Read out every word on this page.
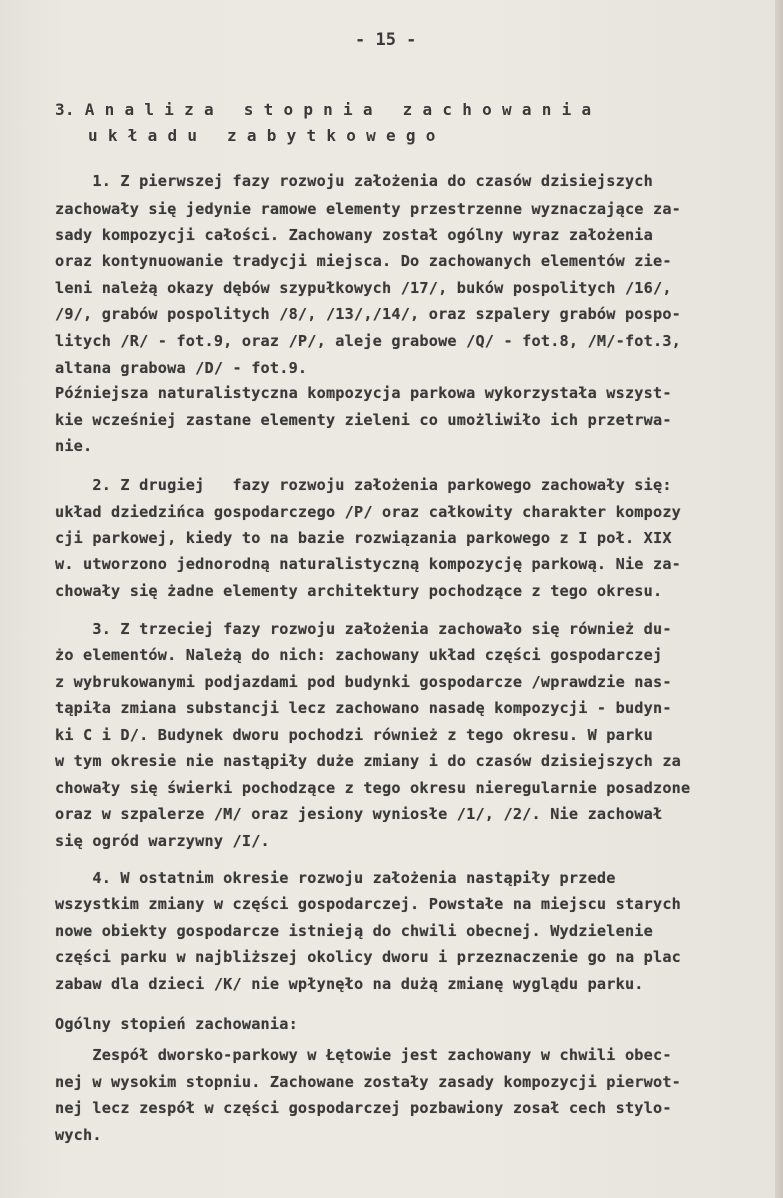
- 15 -
3. A n a l i z a   s t o p n i a   z a c h o w a n i a
u k ł a d u   z a b y t k o w e g o
1. Z pierwszej fazy rozwoju założenia do czasów dzisiejszych
zachowały się jedynie ramowe elementy przestrzenne wyznaczające za-
sady kompozycji całości. Zachowany został ogólny wyraz założenia
oraz kontynuowanie tradycji miejsca. Do zachowanych elementów zie-
leni należą okazy dębów szypułkowych /17/, buków pospolitych /16/,
/9/, grabów pospolitych /8/, /13/,/14/, oraz szpalery grabów pospo-
litych /R/ - fot.9, oraz /P/, aleje grabowe /Q/ - fot.8, /M/-fot.3,
altana grabowa /D/ - fot.9.
Późniejsza naturalistyczna kompozycja parkowa wykorzystała wszyst-
kie wcześniej zastane elementy zieleni co umożliwiło ich przetrwa-
nie.
2. Z drugiej   fazy rozwoju założenia parkowego zachowały się:
układ dziedzińca gospodarczego /P/ oraz całkowity charakter kompozy
cji parkowej, kiedy to na bazie rozwiązania parkowego z I poł. XIX
w. utworzono jednorodną naturalistyczną kompozycję parkową. Nie za-
chowały się żadne elementy architektury pochodzące z tego okresu.
3. Z trzeciej fazy rozwoju założenia zachowało się również du-
żo elementów. Należą do nich: zachowany układ części gospodarczej
z wybrukowanymi podjazdami pod budynki gospodarcze /wprawdzie nas-
tąpiła zmiana substancji lecz zachowano nasadę kompozycji - budyn-
ki C i D/. Budynek dworu pochodzi również z tego okresu. W parku
w tym okresie nie nastąpiły duże zmiany i do czasów dzisiejszych za
chowały się świerki pochodzące z tego okresu nieregularnie posadzone
oraz w szpalerze /M/ oraz jesiony wyniosłe /1/, /2/. Nie zachował
się ogród warzywny /I/.
4. W ostatnim okresie rozwoju założenia nastąpiły przede
wszystkim zmiany w części gospodarczej. Powstałe na miejscu starych
nowe obiekty gospodarcze istnieją do chwili obecnej. Wydzielenie
części parku w najbliższej okolicy dworu i przeznaczenie go na plac
zabaw dla dzieci /K/ nie wpłynęło na dużą zmianę wyglądu parku.
Ogólny stopień zachowania:
Zespół dworsko-parkowy w Łętowie jest zachowany w chwili obec-
nej w wysokim stopniu. Zachowane zostały zasady kompozycji pierwot-
nej lecz zespół w części gospodarczej pozbawiony zosał cech stylo-
wych.
